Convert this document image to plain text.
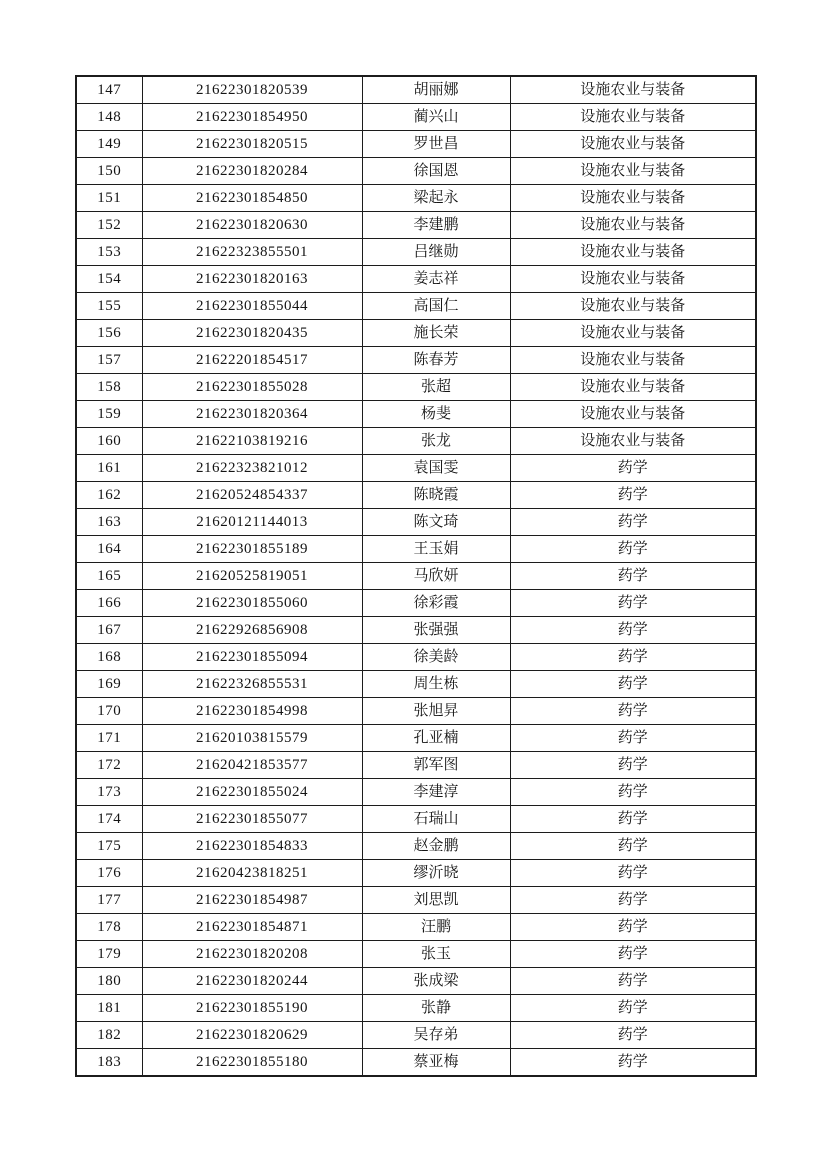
147	21622301820539	胡丽娜	设施农业与装备
148	21622301854950	蔺兴山	设施农业与装备
149	21622301820515	罗世昌	设施农业与装备
150	21622301820284	徐国恩	设施农业与装备
151	21622301854850	梁起永	设施农业与装备
152	21622301820630	李建鹏	设施农业与装备
153	21622323855501	吕继勋	设施农业与装备
154	21622301820163	姜志祥	设施农业与装备
155	21622301855044	高国仁	设施农业与装备
156	21622301820435	施长荣	设施农业与装备
157	21622201854517	陈春芳	设施农业与装备
158	21622301855028	张超	设施农业与装备
159	21622301820364	杨斐	设施农业与装备
160	21622103819216	张龙	设施农业与装备
161	21622323821012	袁国雯	药学
162	21620524854337	陈晓霞	药学
163	21620121144013	陈文琦	药学
164	21622301855189	王玉娟	药学
165	21620525819051	马欣妍	药学
166	21622301855060	徐彩霞	药学
167	21622926856908	张强强	药学
168	21622301855094	徐美龄	药学
169	21622326855531	周生栋	药学
170	21622301854998	张旭昇	药学
171	21620103815579	孔亚楠	药学
172	21620421853577	郭军图	药学
173	21622301855024	李建淳	药学
174	21622301855077	石瑞山	药学
175	21622301854833	赵金鹏	药学
176	21620423818251	缪沂晓	药学
177	21622301854987	刘思凯	药学
178	21622301854871	汪鹏	药学
179	21622301820208	张玉	药学
180	21622301820244	张成梁	药学
181	21622301855190	张静	药学
182	21622301820629	吴存弟	药学
183	21622301855180	蔡亚梅	药学
